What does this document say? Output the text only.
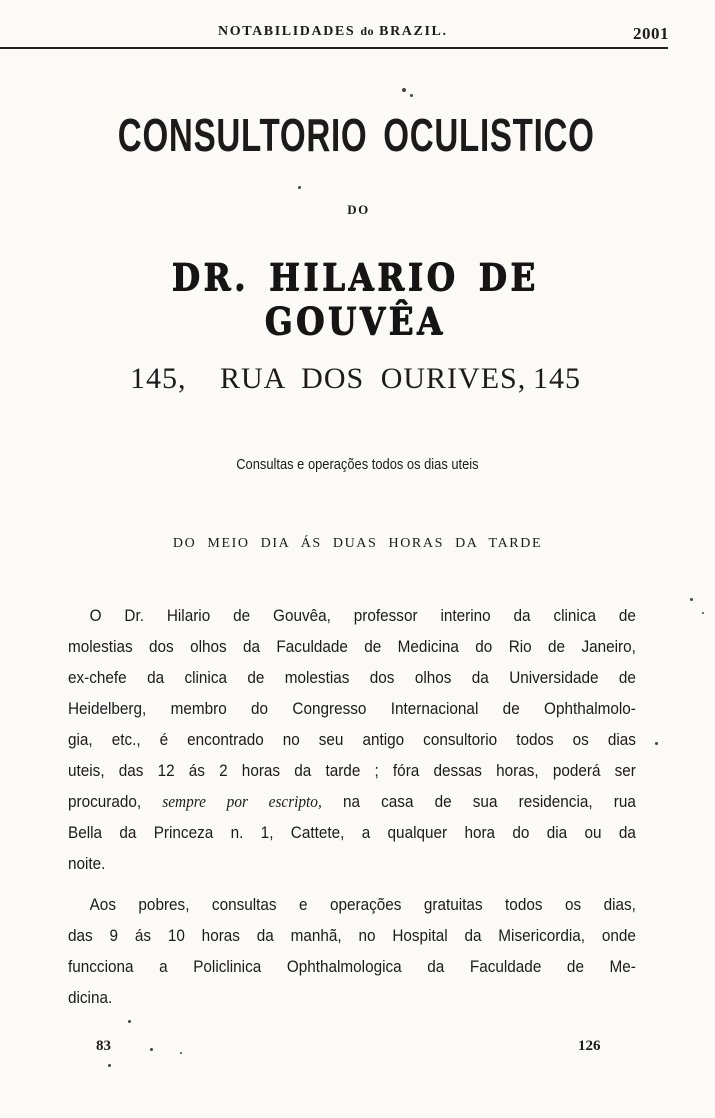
NOTABILIDADES do BRAZIL.	2001
CONSULTORIO OCULISTICO
DO
DR. HILARIO DE GOUVÊA
145, RUA DOS OURIVES, 145
Consultas e operações todos os dias uteis
DO MEIO DIA ÁS DUAS HORAS DA TARDE
O Dr. Hilario de Gouvêa, professor interino da clinica de
molestias dos olhos da Faculdade de Medicina do Rio de Janeiro,
ex-chefe da clinica de molestias dos olhos da Universidade de
Heidelberg, membro do Congresso Internacional de Ophthalmolo-
gia, etc., é encontrado no seu antigo consultorio todos os dias
uteis, das 12 ás 2 horas da tarde ; fóra dessas horas, poderá ser
procurado, sempre por escripto, na casa de sua residencia, rua
Bella da Princeza n. 1, Cattete, a qualquer hora do dia ou da
noite.
Aos pobres, consultas e operações gratuitas todos os dias,
das 9 ás 10 horas da manhã, no Hospital da Misericordia, onde
funcciona a Policlinica Ophthalmologica da Faculdade de Me-
dicina.
83	126
